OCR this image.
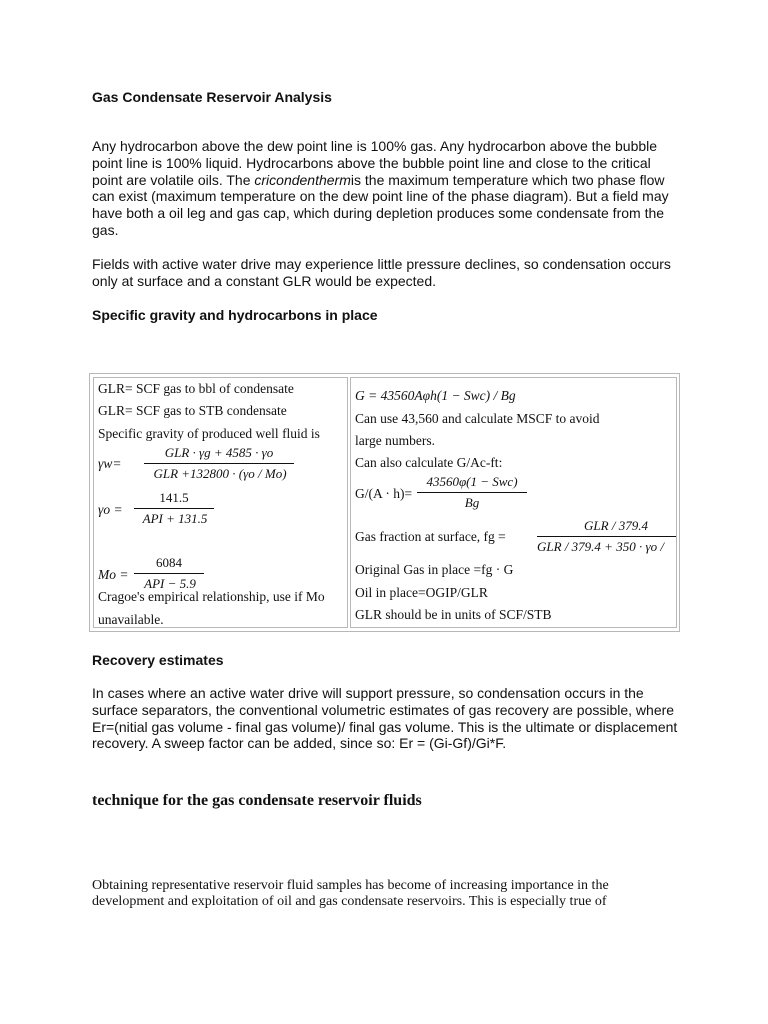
Gas Condensate Reservoir Analysis
Any hydrocarbon above the dew point line is 100% gas. Any hydrocarbon above the bubble point line is 100% liquid. Hydrocarbons above the bubble point line and close to the critical point are volatile oils. The cricondenthermis the maximum temperature which two phase flow can exist (maximum temperature on the dew point line of the phase diagram). But a field may have both a oil leg and gas cap, which during depletion produces some condensate from the gas.
Fields with active water drive may experience little pressure declines, so condensation occurs only at surface and a constant GLR would be expected.
Specific gravity and hydrocarbons in place
GLR= SCF gas to bbl of condensate
GLR= SCF gas to STB condensate
Specific gravity of produced well fluid is
γw=
GLR · γg + 4585 · γo
GLR +132800 · (γo / Mo)
γo =
141.5
API + 131.5
Mo =
6084
API − 5.9
Cragoe's empirical relationship, use if Mo
unavailable.
G = 43560Aφh(1 − Swc) / Bg
Can use 43,560 and calculate MSCF to avoid
large numbers.
Can also calculate G/Ac-ft:
G/(A · h)=
43560φ(1 − Swc)
Bg
Gas fraction at surface, fg =
GLR / 379.4
GLR / 379.4 + 350 · γo /
Original Gas in place =fg · G
Oil in place=OGIP/GLR
GLR should be in units of SCF/STB
Recovery estimates
In cases where an active water drive will support pressure, so condensation occurs in the surface separators, the conventional volumetric estimates of gas recovery are possible, where Er=(nitial gas volume - final gas volume)/ final gas volume. This is the ultimate or displacement recovery. A sweep factor can be added, since so: Er = (Gi-Gf)/Gi*F.
technique for the gas condensate reservoir fluids
Obtaining representative reservoir fluid samples has become of increasing importance in the development and exploitation of oil and gas condensate reservoirs. This is especially true of
